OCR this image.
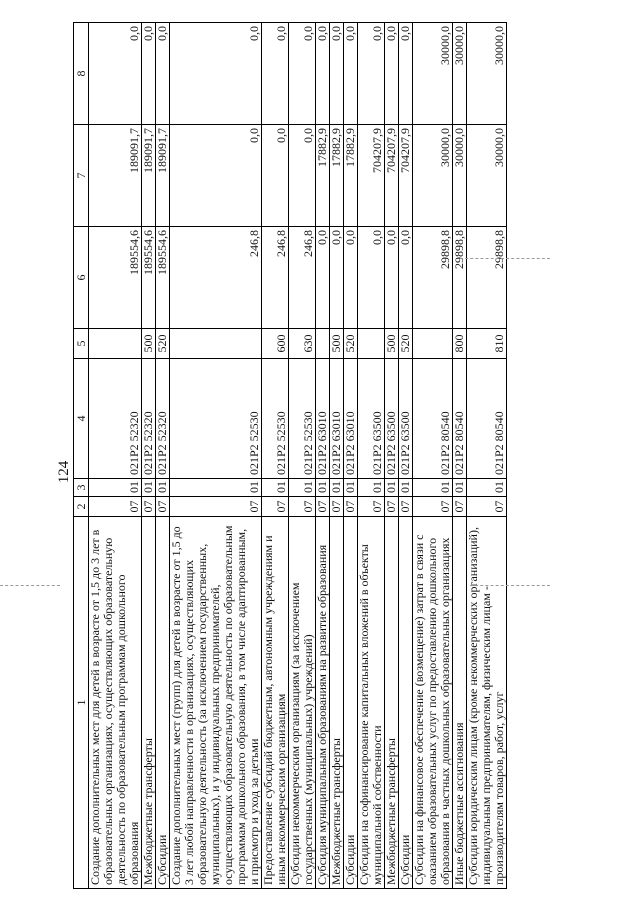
124
1	2	3	4	5	6	7	8
Создание дополнительных мест для детей в возрасте от 1,5 до 3 лет в образовательных организациях, осуществляющих образовательную деятельность по образовательным программам дошкольного образования	07	01	021P2 52320		189554,6	189091,7	0,0
Межбюджетные трансферты	07	01	021P2 52320	500	189554,6	189091,7	0,0
Субсидии	07	01	021P2 52320	520	189554,6	189091,7	0,0
Создание дополнительных мест (групп) для детей в возрасте от 1,5 до 3 лет любой направленности в организациях, осуществляющих образовательную деятельность (за исключением государственных, муниципальных), и у индивидуальных предпринимателей, осуществляющих образовательную деятельность по образовательным программам дошкольного образования, в том числе адаптированным, и присмотр и уход за детьми	07	01	021P2 52530		246,8	0,0	0,0
Предоставление субсидий бюджетным, автономным учреждениям и иным некоммерческим организациям	07	01	021P2 52530	600	246,8	0,0	0,0
Субсидии некоммерческим организациям (за исключением государственных (муниципальных) учреждений)	07	01	021P2 52530	630	246,8	0,0	0,0
Субсидия муниципальным образованиям на развитие образования	07	01	021P2 63010		0,0	17882,9	0,0
Межбюджетные трансферты	07	01	021P2 63010	500	0,0	17882,9	0,0
Субсидии	07	01	021P2 63010	520	0,0	17882,9	0,0
Субсидии на софинансирование капитальных вложений в объекты муниципальной собственности	07	01	021P2 63500		0,0	704207,9	0,0
Межбюджетные трансферты	07	01	021P2 63500	500	0,0	704207,9	0,0
Субсидии	07	01	021P2 63500	520	0,0	704207,9	0,0
Субсидии на финансовое обеспечение (возмещение) затрат в связи с оказанием образовательных услуг по предоставлению дошкольного образования в частных дошкольных образовательных организациях	07	01	021P2 80540		29898,8	30000,0	30000,0
Иные бюджетные ассигнования	07	01	021P2 80540	800	29898,8	30000,0	30000,0
Субсидии юридическим лицам (кроме некоммерческих организаций), индивидуальным предпринимателям, физическим лицам - производителям товаров, работ, услуг	07	01	021P2 80540	810	29898,8	30000,0	30000,0
